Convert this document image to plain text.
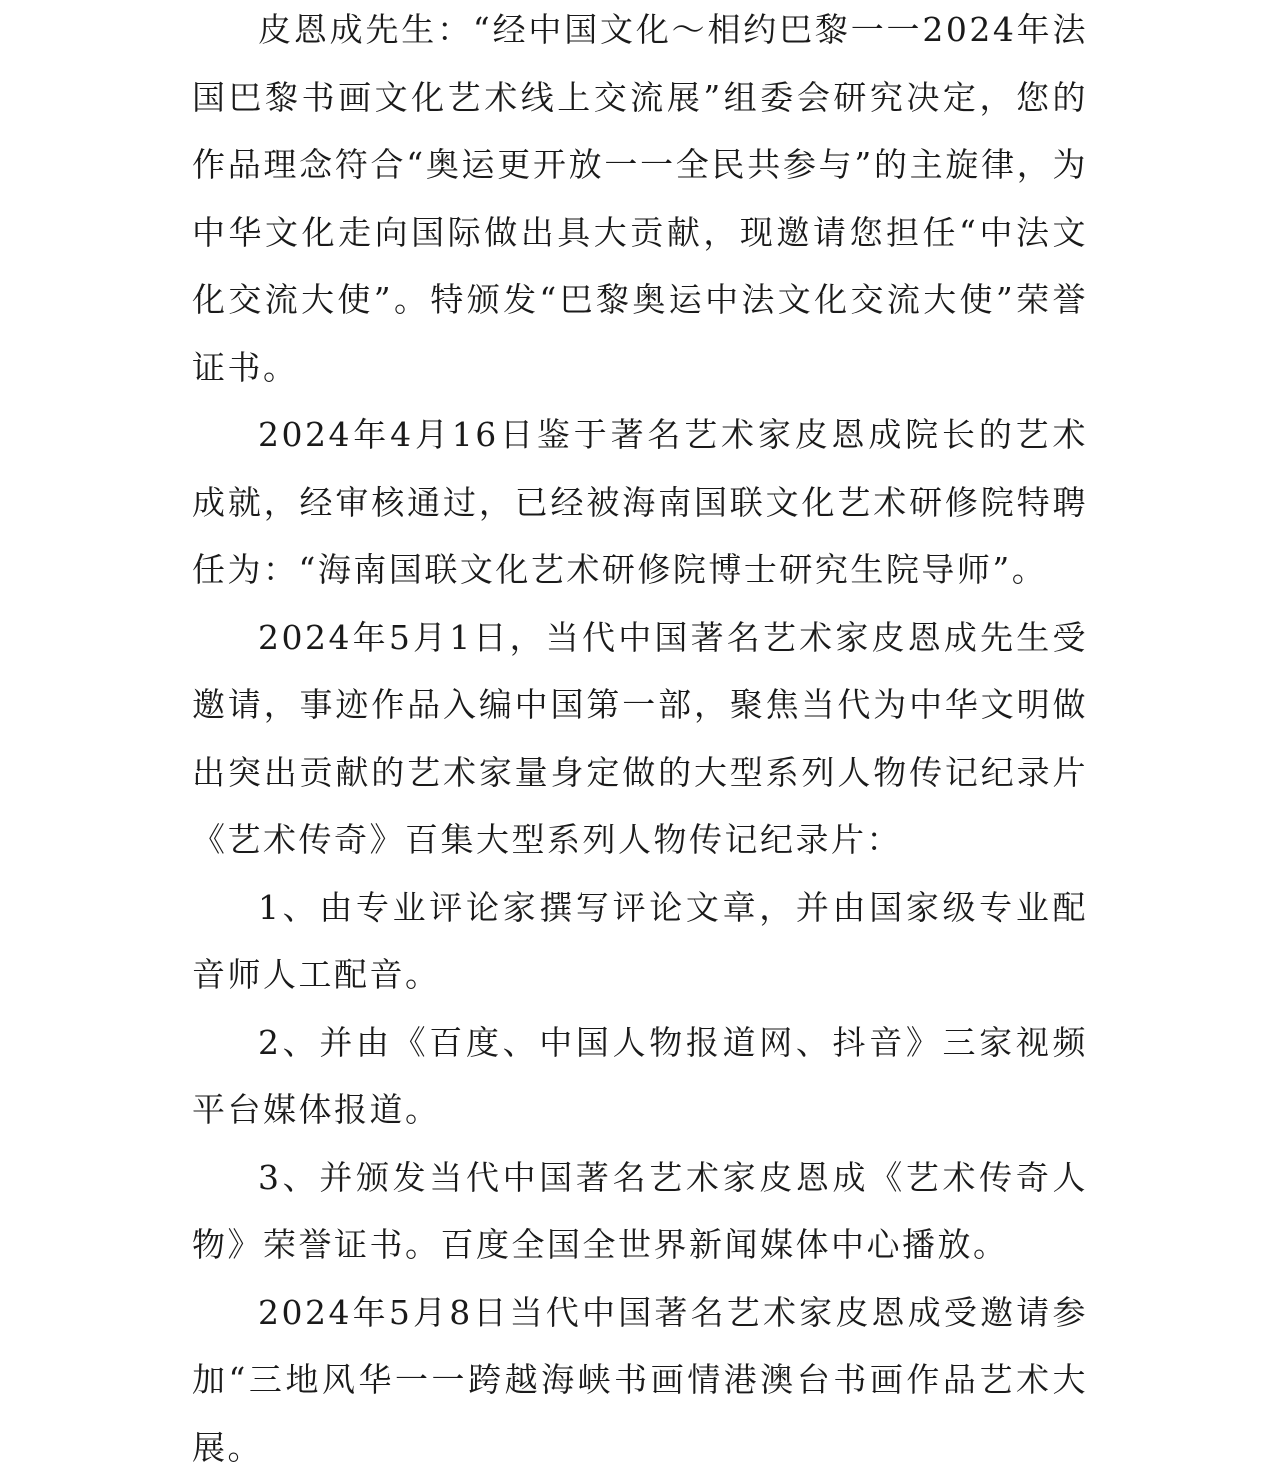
皮恩成先生：“经中国文化～相约巴黎一一2024年法国巴黎书画文化艺术线上交流展”组委会研究决定，您的作品理念符合“奥运更开放一一全民共参与”的主旋律，为中华文化走向国际做出具大贡献，现邀请您担任“中法文化交流大使”。特颁发“巴黎奥运中法文化交流大使”荣誉证书。

2024年4月16日鉴于著名艺术家皮恩成院长的艺术成就，经审核通过，已经被海南国联文化艺术研修院特聘任为：“海南国联文化艺术研修院博士研究生院导师”。

2024年5月1日，当代中国著名艺术家皮恩成先生受邀请，事迹作品入编中国第一部，聚焦当代为中华文明做出突出贡献的艺术家量身定做的大型系列人物传记纪录片《艺术传奇》百集大型系列人物传记纪录片：

1、由专业评论家撰写评论文章，并由国家级专业配音师人工配音。

2、并由《百度、中国人物报道网、抖音》三家视频平台媒体报道。

3、并颁发当代中国著名艺术家皮恩成《艺术传奇人物》荣誉证书。百度全国全世界新闻媒体中心播放。

2024年5月8日当代中国著名艺术家皮恩成受邀请参加“三地风华一一跨越海峡书画情港澳台书画作品艺术大展。
